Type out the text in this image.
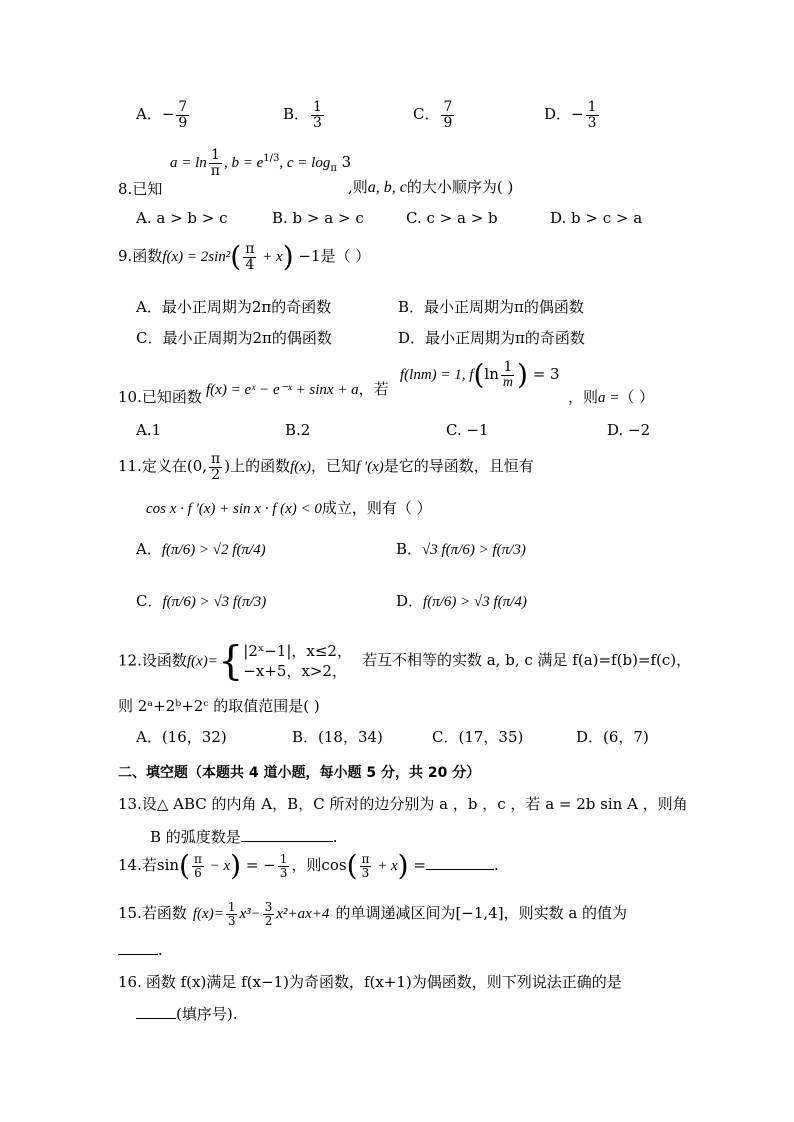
A．− $\frac{7}{9}$	B． $\frac{1}{3}$	C． $\frac{7}{9}$	D．− $\frac{1}{3}$
$a = \ln \frac{1}{\pi}$ , $b = e^{1/3}$, $c = \log_\pi 3$
8.已知	,则a, b, c的大小顺序为( )
A. a > b > c	B. b > a > c	C. c > a > b	D. b > c > a
9.函数$f(x) = 2\sin^2( \frac{\pi}{4} + x) -1$是（ ）
A．最小正周期为2π的奇函数	B．最小正周期为π的偶函数
C．最小正周期为2π的偶函数	D．最小正周期为π的奇函数
10.已知函数 f(x) = eˣ − e⁻ˣ + sinx + a，若
f(lnm) = 1, $f(\ln \frac{1}{m}$ ) = 3
，则a =（ ）
A.1	B.2	C. −1	D. −2
11.定义在(0, $\frac{\pi}{2}$ )上的函数f(x)，已知f '(x)是它的导函数，且恒有
cos x · f '(x) + sin x · f (x) < 0成立，则有（ ）
A．f(π/6) > √2 f(π/4)	B．√3 f(π/6) > f(π/3)
C．f(π/6) > √3 f(π/3)	D．f(π/6) > √3 f(π/4)
12.设函数f(x)={ |2ˣ−1|，x≤2，
−x+5，x>2，
若互不相等的实数 a, b, c 满足 f(a)=f(b)=f(c)，
则 2ᵃ+2ᵇ+2ᶜ 的取值范围是( )
A．(16，32)	B．(18，34)	C．(17，35)	D．(6，7)
二、填空题（本题共 4 道小题，每小题 5 分，共 20 分）
13.设△ ABC 的内角 A，B，C 所对的边分别为 a ，b ，c ，若 a = 2b sin A ，则角
B 的弧度数是	.
14.若$\sin( \frac{\pi}{6} - x)$ = − $\frac{1}{3}$ ，则$\cos( \frac{\pi}{3} + x)$ =	.
15.若函数 $f(x)= \frac{1}{3} x^3- \frac{3}{2} x^2+ax+4$ 的单调递减区间为[−1,4]，则实数 a 的值为
.
16. 函数 f(x)满足 f(x−1)为奇函数，f(x+1)为偶函数，则下列说法正确的是
(填序号).
